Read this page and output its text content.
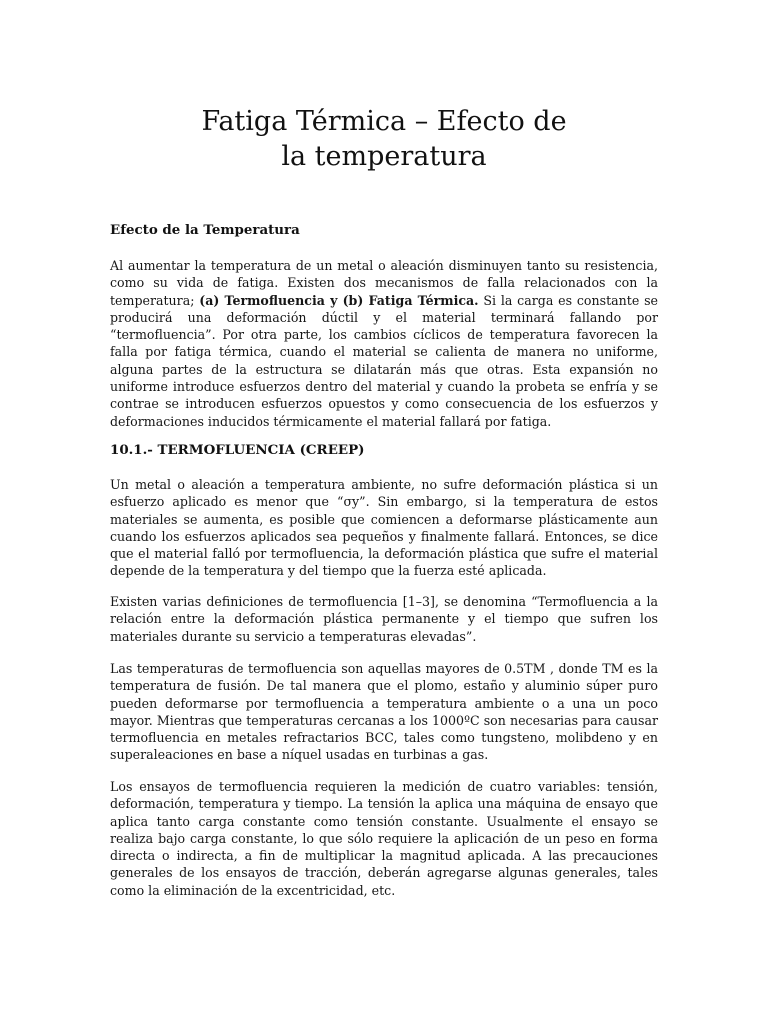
Fatiga Térmica – Efecto de
la temperatura
Efecto de la Temperatura

Al aumentar la temperatura de un metal o aleación disminuyen tanto su resistencia, como su vida de fatiga. Existen dos mecanismos de falla relacionados con la temperatura; (a) Termofluencia y (b) Fatiga Térmica. Si la carga es constante se producirá una deformación dúctil y el material terminará fallando por “termofluencia”. Por otra parte, los cambios cíclicos de temperatura favorecen la falla por fatiga térmica, cuando el material se calienta de manera no uniforme, alguna partes de la estructura se dilatarán más que otras. Esta expansión no uniforme introduce esfuerzos dentro del material y cuando la probeta se enfría y se contrae se introducen esfuerzos opuestos y como consecuencia de los esfuerzos y deformaciones inducidos térmicamente el material fallará por fatiga.

10.1.- TERMOFLUENCIA (CREEP)

Un metal o aleación a temperatura ambiente, no sufre deformación plástica si un esfuerzo aplicado es menor que “σy”. Sin embargo, si la temperatura de estos materiales se aumenta, es posible que comiencen a deformarse plásticamente aun cuando los esfuerzos aplicados sea pequeños y finalmente fallará. Entonces, se dice que el material falló por termofluencia, la deformación plástica que sufre el material depende de la temperatura y del tiempo que la fuerza esté aplicada.

Existen varias definiciones de termofluencia [1–3], se denomina “Termofluencia a la relación entre la deformación plástica permanente y el tiempo que sufren los materiales durante su servicio a temperaturas elevadas”.

Las temperaturas de termofluencia son aquellas mayores de 0.5TM , donde TM es la temperatura de fusión. De tal manera que el plomo, estaño y aluminio súper puro pueden deformarse por termofluencia a temperatura ambiente o a una un poco mayor. Mientras que temperaturas cercanas a los 1000ºC son necesarias para causar termofluencia en metales refractarios BCC, tales como tungsteno, molibdeno y en superaleaciones en base a níquel usadas en turbinas a gas.

Los ensayos de termofluencia requieren la medición de cuatro variables: tensión, deformación, temperatura y tiempo. La tensión la aplica una máquina de ensayo que aplica tanto carga constante como tensión constante. Usualmente el ensayo se realiza bajo carga constante, lo que sólo requiere la aplicación de un peso en forma directa o indirecta, a fin de multiplicar la magnitud aplicada. A las precauciones generales de los ensayos de tracción, deberán agregarse algunas generales, tales como la eliminación de la excentricidad, etc.
